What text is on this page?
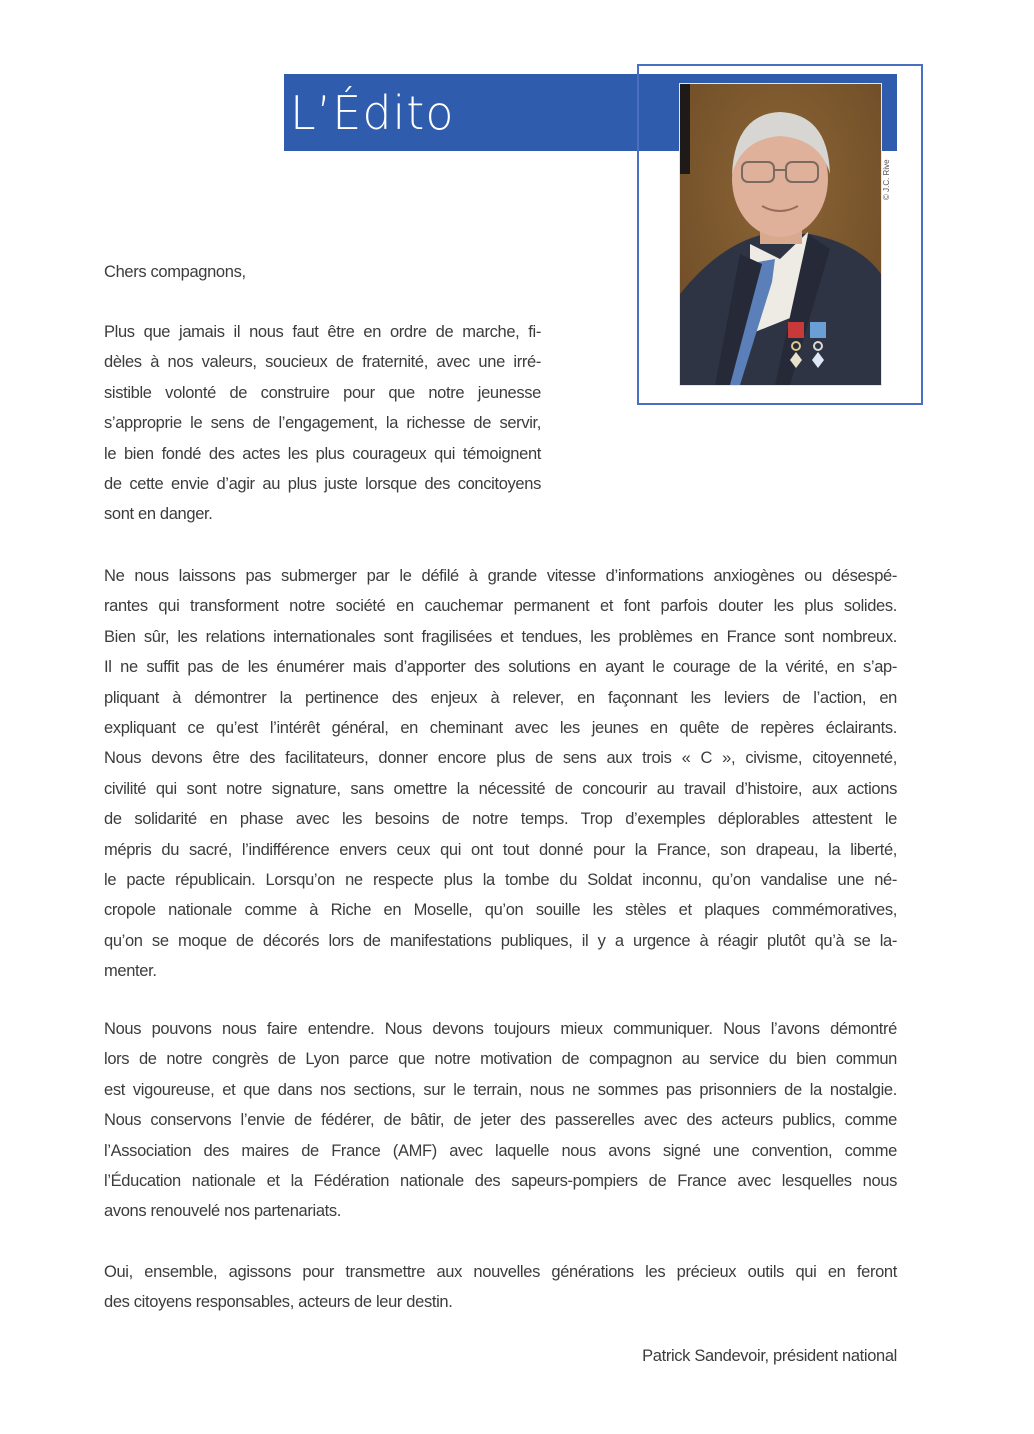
L’Édito
© J.C. Rive
Chers compagnons,
Plus que jamais il nous faut être en ordre de marche, fi-
dèles à nos valeurs, soucieux de fraternité, avec une irré-
sistible volonté de construire pour que notre jeunesse
s’approprie le sens de l’engagement, la richesse de servir,
le bien fondé des actes les plus courageux qui témoignent
de cette envie d’agir au plus juste lorsque des concitoyens
sont en danger.
Ne nous laissons pas submerger par le défilé à grande vitesse d’informations anxiogènes ou désespé-
rantes qui transforment notre société en cauchemar permanent et font parfois douter les plus solides.
Bien sûr, les relations internationales sont fragilisées et tendues, les problèmes en France sont nombreux.
Il ne suffit pas de les énumérer mais d’apporter des solutions en ayant le courage de la vérité, en s’ap-
pliquant à démontrer la pertinence des enjeux à relever, en façonnant les leviers de l’action, en
expliquant ce qu’est l’intérêt général, en cheminant avec les jeunes en quête de repères éclairants.
Nous devons être des facilitateurs, donner encore plus de sens aux trois « C », civisme, citoyenneté,
civilité qui sont notre signature, sans omettre la nécessité de concourir au travail d’histoire, aux actions
de solidarité en phase avec les besoins de notre temps. Trop d’exemples déplorables attestent le
mépris du sacré, l’indifférence envers ceux qui ont tout donné pour la France, son drapeau, la liberté,
le pacte républicain. Lorsqu’on ne respecte plus la tombe du Soldat inconnu, qu’on vandalise une né-
cropole nationale comme à Riche en Moselle, qu’on souille les stèles et plaques commémoratives,
qu’on se moque de décorés lors de manifestations publiques, il y a urgence à réagir plutôt qu’à se la-
menter.
Nous pouvons nous faire entendre. Nous devons toujours mieux communiquer. Nous l’avons démontré
lors de notre congrès de Lyon parce que notre motivation de compagnon au service du bien commun
est vigoureuse, et que dans nos sections, sur le terrain, nous ne sommes pas prisonniers de la nostalgie.
Nous conservons l’envie de fédérer, de bâtir, de jeter des passerelles avec des acteurs publics, comme
l’Association des maires de France (AMF) avec laquelle nous avons signé une convention, comme
l’Éducation nationale et la Fédération nationale des sapeurs-pompiers de France avec lesquelles nous
avons renouvelé nos partenariats.
Oui, ensemble, agissons pour transmettre aux nouvelles générations les précieux outils qui en feront
des citoyens responsables, acteurs de leur destin.
Patrick Sandevoir, président national
